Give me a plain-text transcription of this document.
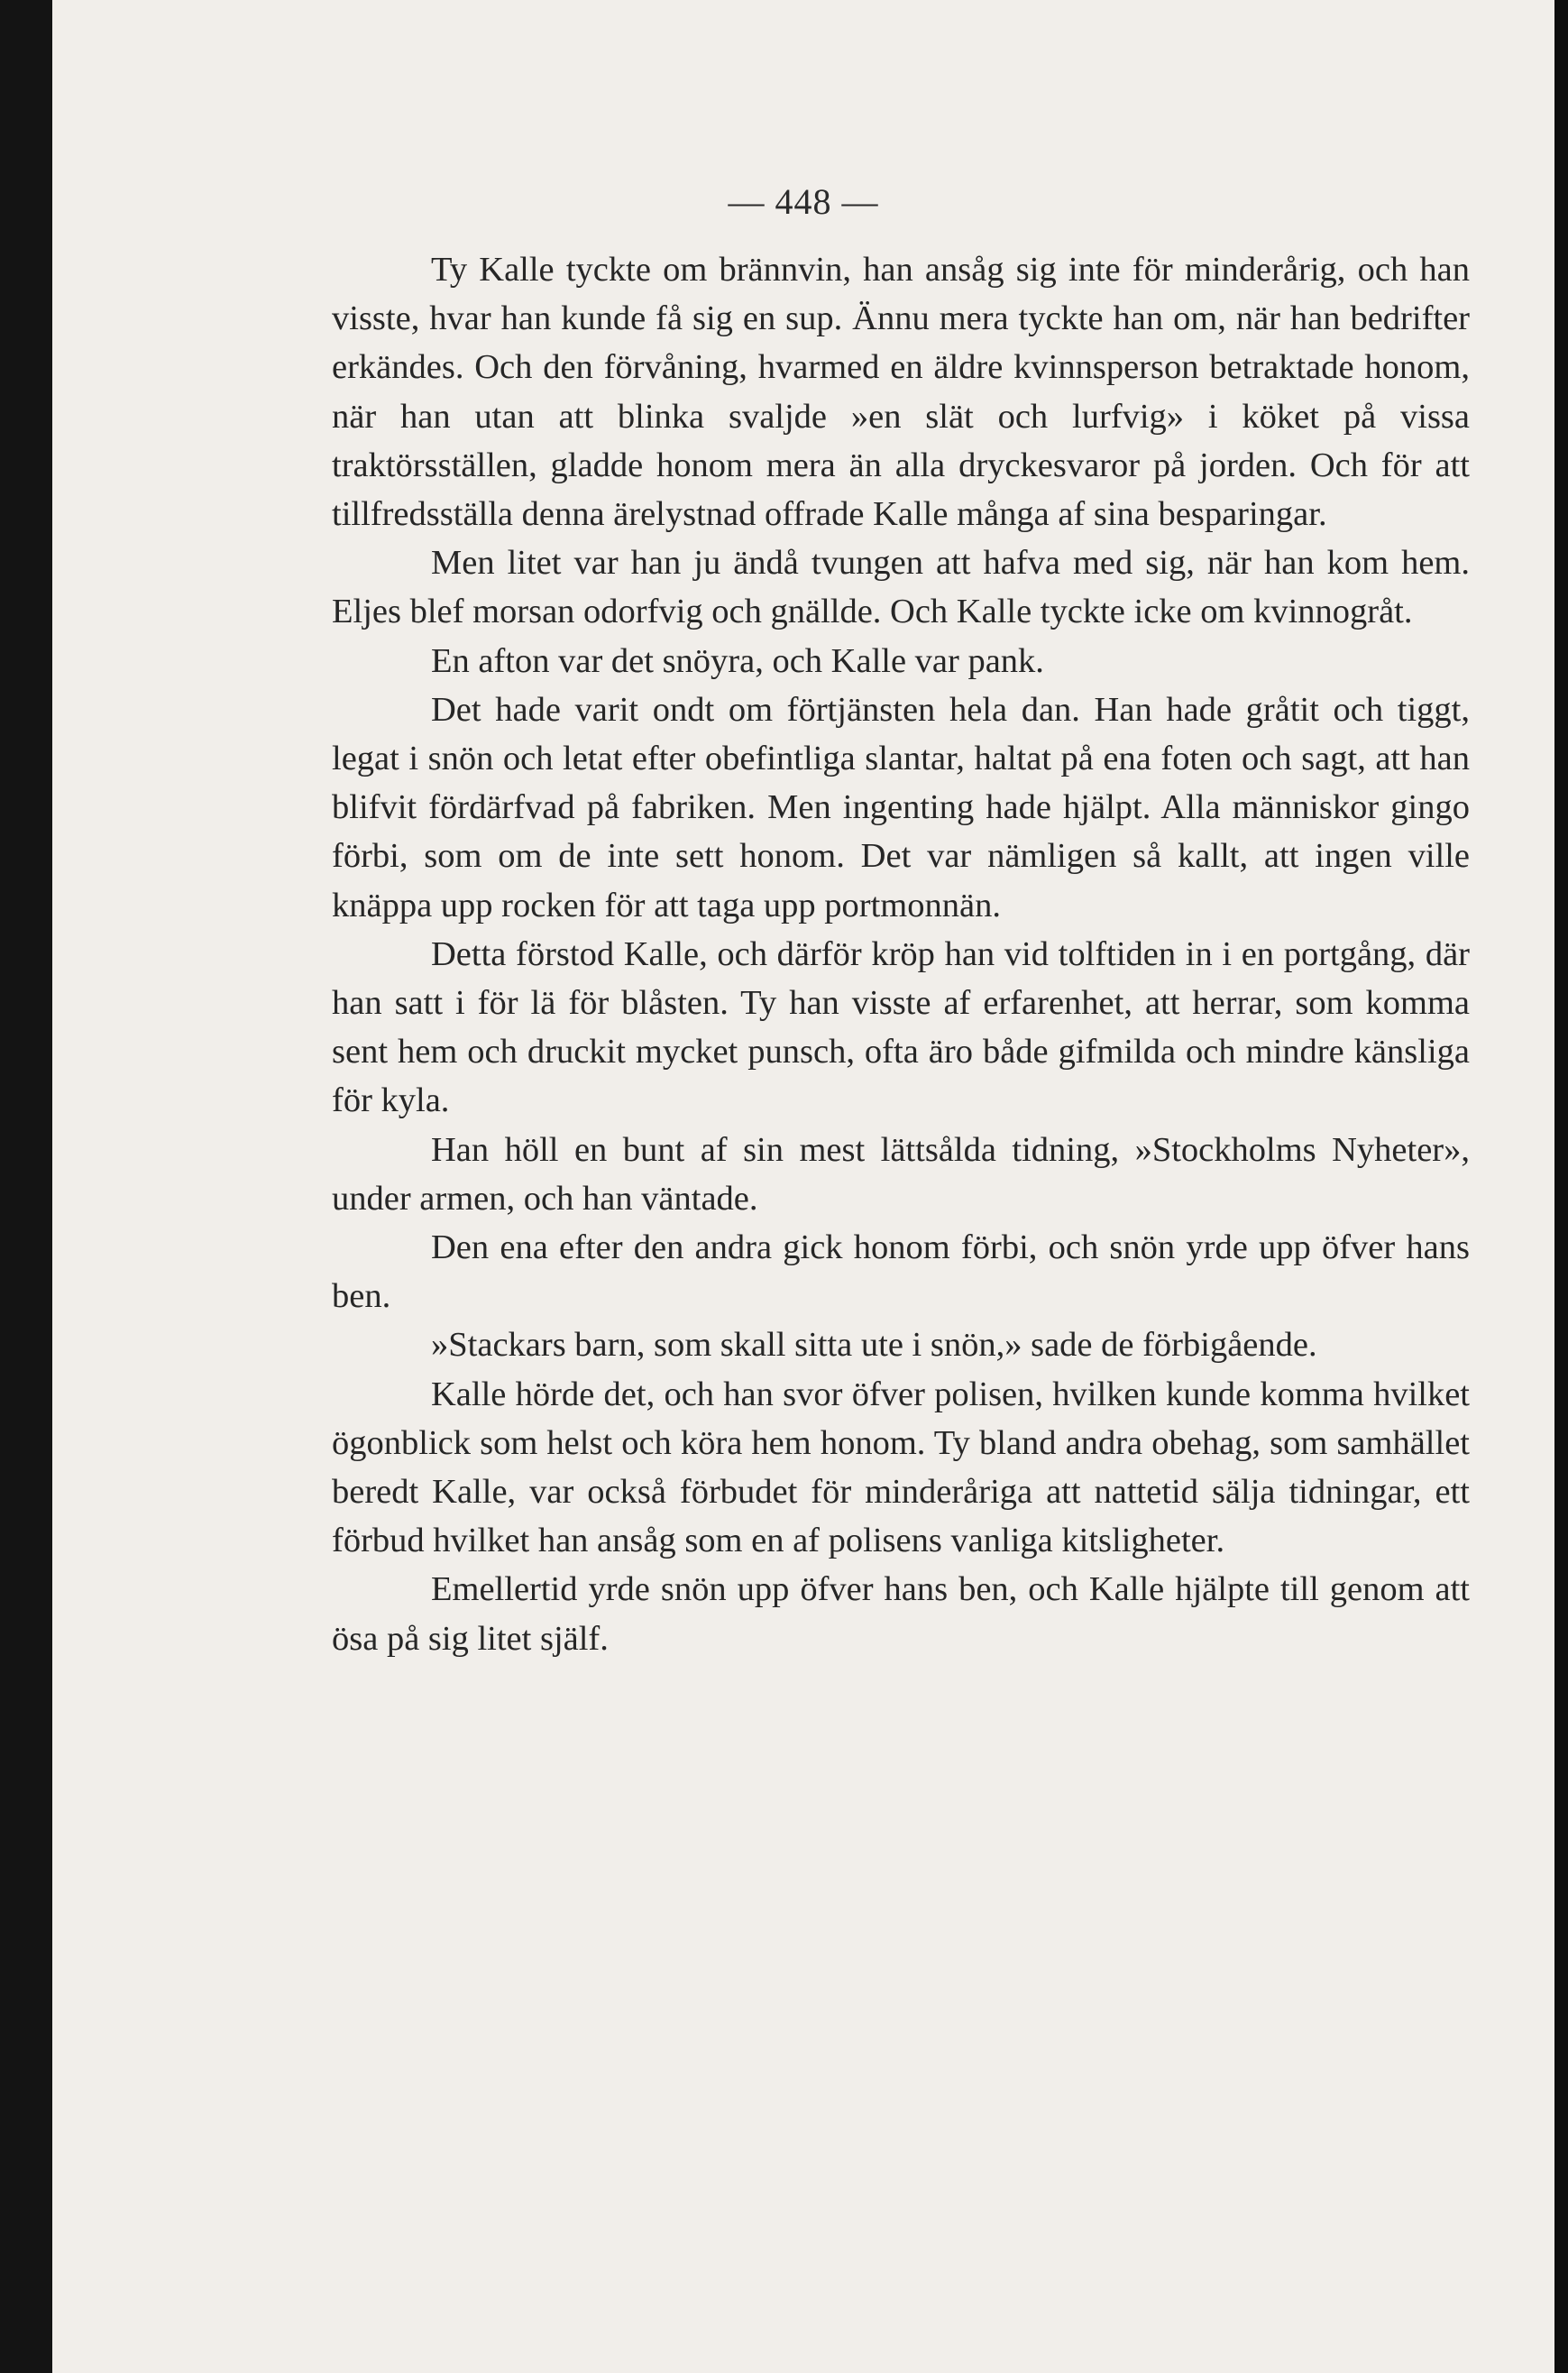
— 448 —

Ty Kalle tyckte om brännvin, han ansåg sig inte för minderårig, och han visste, hvar han kunde få sig en sup. Ännu mera tyckte han om, när han bedrifter erkändes. Och den förvåning, hvarmed en äldre kvinnsperson betraktade honom, när han utan att blinka svaljde »en slät och lurfvig» i köket på vissa traktörsställen, gladde honom mera än alla dryckesvaror på jorden. Och för att tillfredsställa denna ärelystnad offrade Kalle många af sina besparingar.

Men litet var han ju ändå tvungen att hafva med sig, när han kom hem. Eljes blef morsan odorfvig och gnällde. Och Kalle tyckte icke om kvinnogråt.

En afton var det snöyra, och Kalle var pank.

Det hade varit ondt om förtjänsten hela dan. Han hade gråtit och tiggt, legat i snön och letat efter obefintliga slantar, haltat på ena foten och sagt, att han blifvit fördärfvad på fabriken. Men ingenting hade hjälpt. Alla människor gingo förbi, som om de inte sett honom. Det var nämligen så kallt, att ingen ville knäppa upp rocken för att taga upp portmonnän.

Detta förstod Kalle, och därför kröp han vid tolftiden in i en portgång, där han satt i för lä för blåsten. Ty han visste af erfarenhet, att herrar, som komma sent hem och druckit mycket punsch, ofta äro både gifmilda och mindre känsliga för kyla.

Han höll en bunt af sin mest lättsålda tidning, »Stockholms Nyheter», under armen, och han väntade.

Den ena efter den andra gick honom förbi, och snön yrde upp öfver hans ben.

»Stackars barn, som skall sitta ute i snön,» sade de förbigående.

Kalle hörde det, och han svor öfver polisen, hvilken kunde komma hvilket ögonblick som helst och köra hem honom. Ty bland andra obehag, som samhället beredt Kalle, var också förbudet för minderåriga att nattetid sälja tidningar, ett förbud hvilket han ansåg som en af polisens vanliga kitsligheter.

Emellertid yrde snön upp öfver hans ben, och Kalle hjälpte till genom att ösa på sig litet själf.
